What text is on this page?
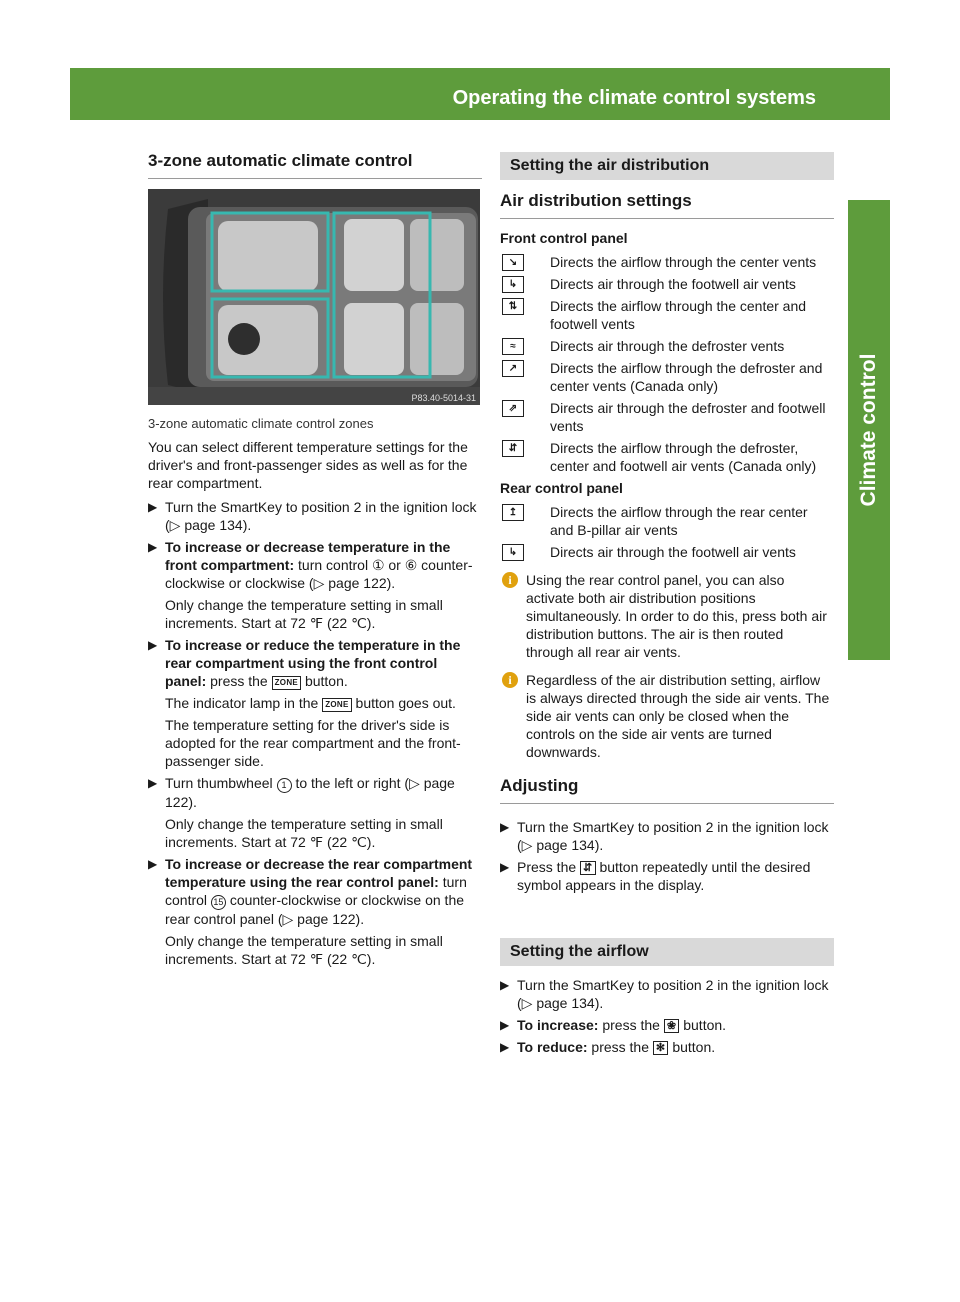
Operating the climate control systems	127
Climate control
3-zone automatic climate control
P83.40-5014-31
3-zone automatic climate control zones

You can select different temperature settings for the driver's and front-passenger sides as well as for the rear compartment.

▶ Turn the SmartKey to position 2 in the ignition lock (▷ page 134).
▶ To increase or decrease temperature in the front compartment: turn control ① or ⑥ counter-clockwise or clockwise (▷ page 122).
Only change the temperature setting in small increments. Start at 72 ℉ (22 ℃).
▶ To increase or reduce the temperature in the rear compartment using the front control panel: press the ZONE button.
The indicator lamp in the ZONE button goes out.
The temperature setting for the driver's side is adopted for the rear compartment and the front-passenger side.
▶ Turn thumbwheel 1 to the left or right (▷ page 122).
Only change the temperature setting in small increments. Start at 72 ℉ (22 ℃).
▶ To increase or decrease the rear compartment temperature using the rear control panel: turn control 15 counter-clockwise or clockwise on the rear control panel (▷ page 122).
Only change the temperature setting in small increments. Start at 72 ℉ (22 ℃).
Setting the air distribution
Air distribution settings
Front control panel
↘	Directs the airflow through the center vents
↳	Directs air through the footwell air vents
⇅	Directs the airflow through the center and footwell vents
≈	Directs air through the defroster vents
↗	Directs the airflow through the defroster and center vents (Canada only)
⇗	Directs air through the defroster and footwell vents
⇵	Directs the airflow through the defroster, center and footwell air vents (Canada only)
Rear control panel
↥	Directs the airflow through the rear center and B-pillar air vents
↳	Directs air through the footwell air vents
i	Using the rear control panel, you can also activate both air distribution positions simultaneously. In order to do this, press both air distribution buttons. The air is then routed through all rear air vents.
i	Regardless of the air distribution setting, airflow is always directed through the side air vents. The side air vents can only be closed when the controls on the side air vents are turned downwards.
Adjusting
▶ Turn the SmartKey to position 2 in the ignition lock (▷ page 134).
▶ Press the ⇵ button repeatedly until the desired symbol appears in the display.
Setting the airflow
▶ Turn the SmartKey to position 2 in the ignition lock (▷ page 134).
▶ To increase: press the ❀ button.
▶ To reduce: press the ✻ button.
